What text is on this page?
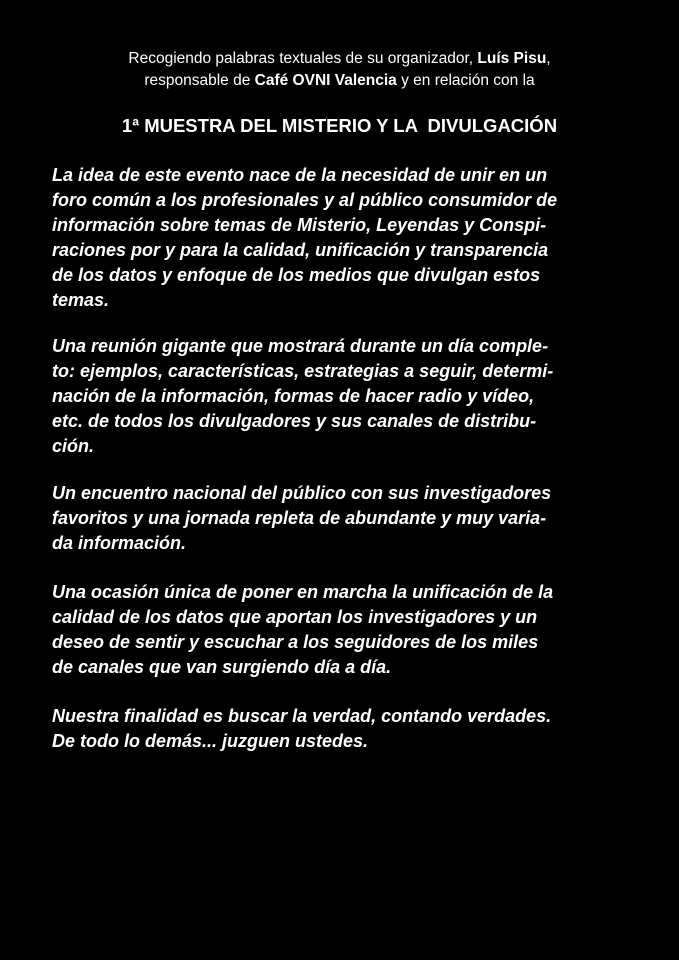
Recogiendo palabras textuales de su organizador, Luís Pisu,
responsable de Café OVNI Valencia y en relación con la
1ª MUESTRA DEL MISTERIO Y LA  DIVULGACIÓN
La idea de este evento nace de la necesidad de unir en un
foro común a los profesionales y al público consumidor de
información sobre temas de Misterio, Leyendas y Conspi-
raciones por y para la calidad, unificación y transparencia
de los datos y enfoque de los medios que divulgan estos
temas.
Una reunión gigante que mostrará durante un día comple-
to: ejemplos, características, estrategias a seguir, determi-
nación de la información, formas de hacer radio y vídeo,
etc. de todos los divulgadores y sus canales de distribu-
ción.
Un encuentro nacional del público con sus investigadores
favoritos y una jornada repleta de abundante y muy varia-
da información.
Una ocasión única de poner en marcha la unificación de la
calidad de los datos que aportan los investigadores y un
deseo de sentir y escuchar a los seguidores de los miles
de canales que van surgiendo día a día.
Nuestra finalidad es buscar la verdad, contando verdades.
De todo lo demás... juzguen ustedes.
